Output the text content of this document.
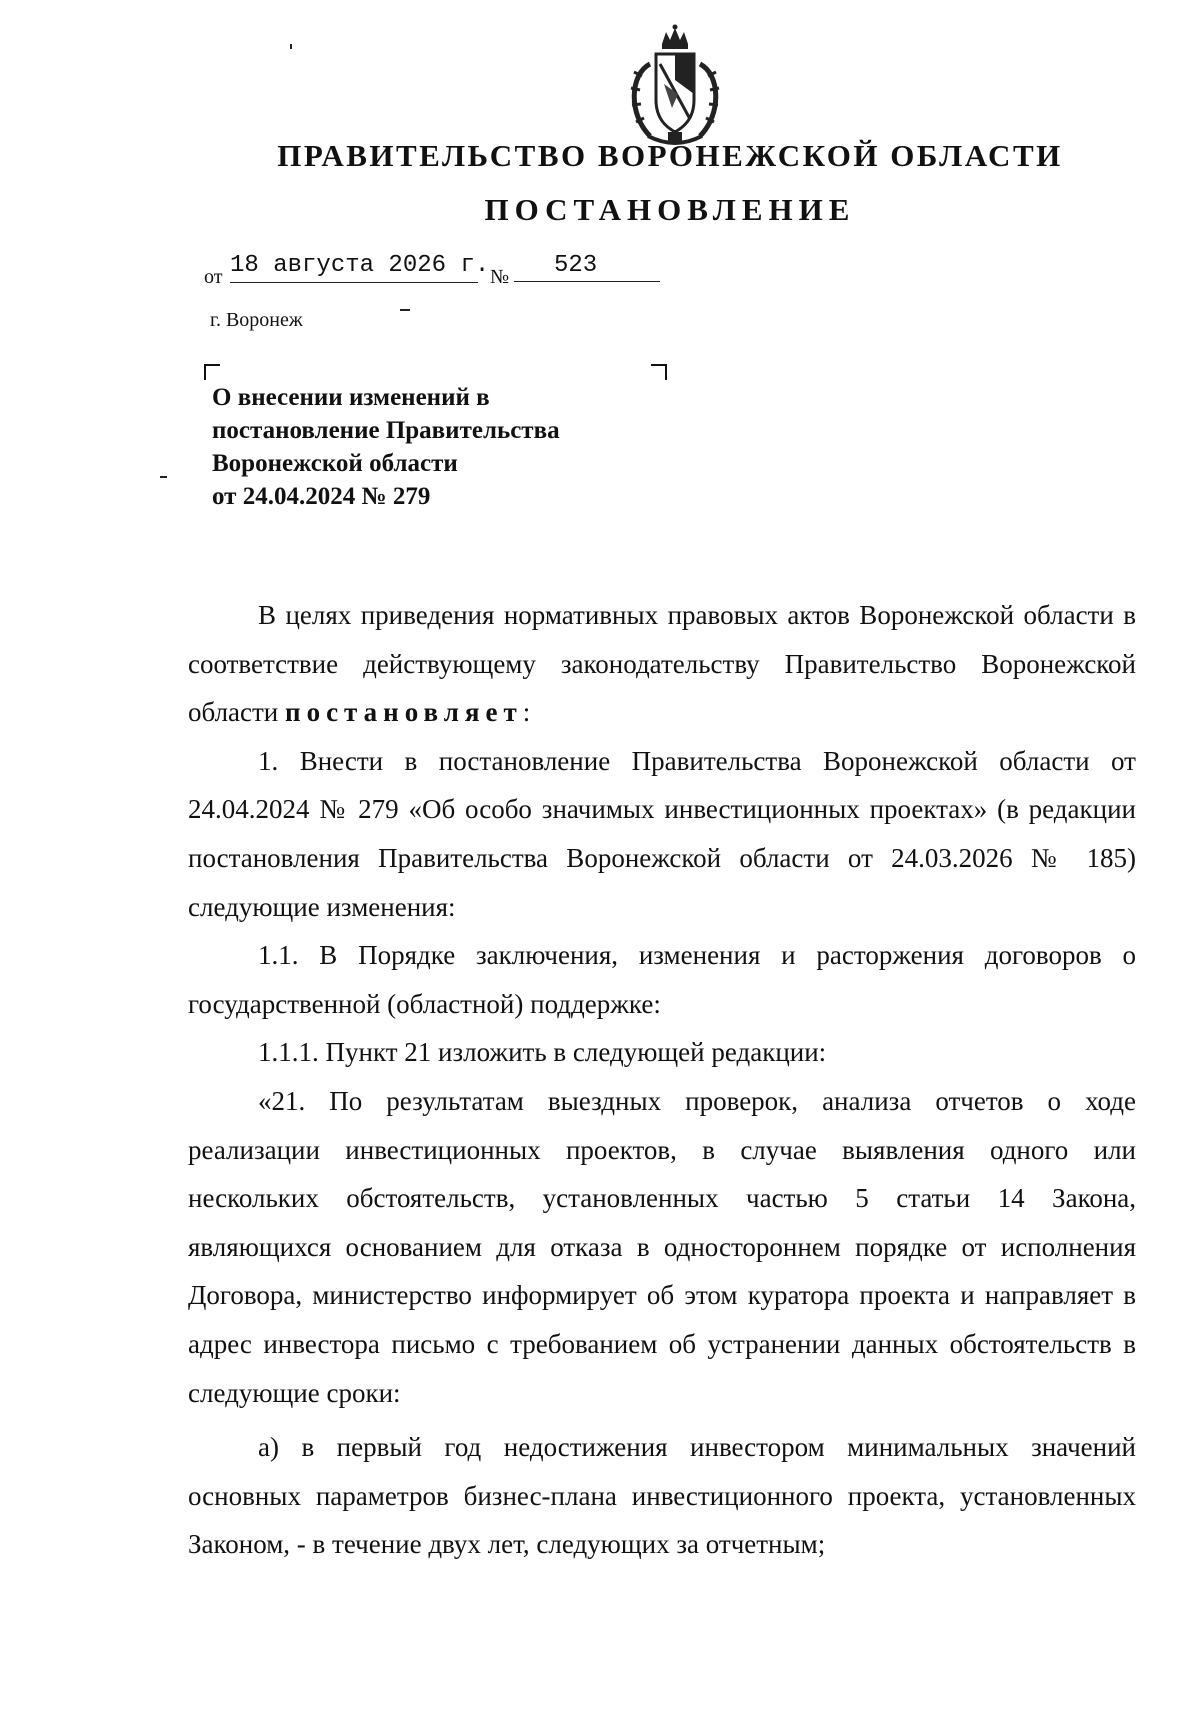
ПРАВИТЕЛЬСТВО ВОРОНЕЖСКОЙ ОБЛАСТИ
ПОСТАНОВЛЕНИЕ
от 18 августа 2026 г. №	523
г. Воронеж
О внесении изменений в
постановление Правительства
Воронежской области
от 24.04.2024 № 279

В целях приведения нормативных правовых актов Воронежской области в соответствие действующему законодательству Правительство Воронежской области постановляет:

1. Внести в постановление Правительства Воронежской области от 24.04.2024 № 279 «Об особо значимых инвестиционных проектах» (в редакции постановления Правительства Воронежской области от 24.03.2026 № 185) следующие изменения:

1.1. В Порядке заключения, изменения и расторжения договоров о государственной (областной) поддержке:

1.1.1. Пункт 21 изложить в следующей редакции:

«21. По результатам выездных проверок, анализа отчетов о ходе реализации инвестиционных проектов, в случае выявления одного или нескольких обстоятельств, установленных частью 5 статьи 14 Закона, являющихся основанием для отказа в одностороннем порядке от исполнения Договора, министерство информирует об этом куратора проекта и направляет в адрес инвестора письмо с требованием об устранении данных обстоятельств в следующие сроки:

а) в первый год недостижения инвестором минимальных значений основных параметров бизнес-плана инвестиционного проекта, установленных Законом, - в течение двух лет, следующих за отчетным;
